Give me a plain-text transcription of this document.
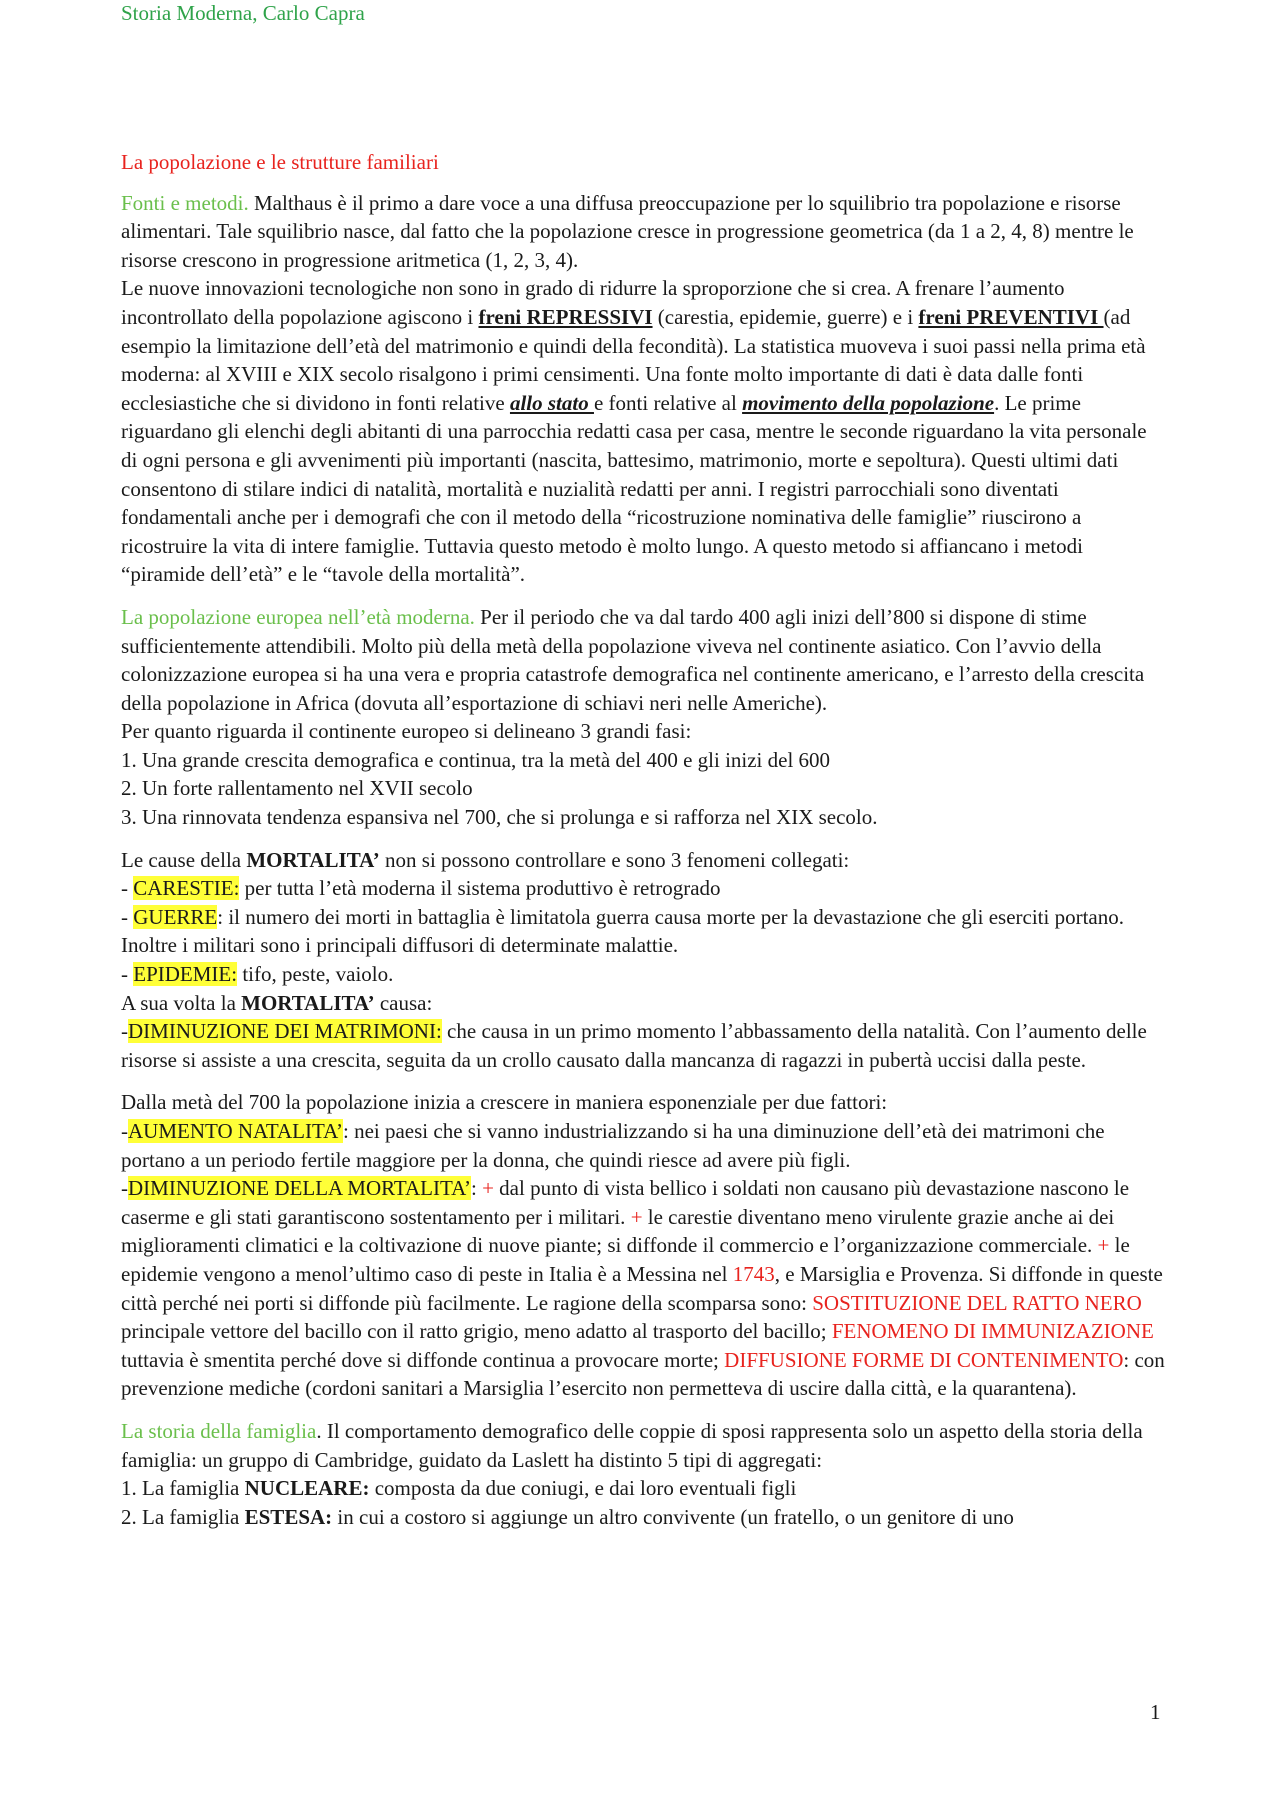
Storia Moderna, Carlo Capra

La popolazione e le strutture familiari

Fonti e metodi. Malthaus è il primo a dare voce a una diffusa preoccupazione per lo squilibrio tra popolazione e risorse alimentari. Tale squilibrio nasce, dal fatto che la popolazione cresce in progressione geometrica (da 1 a 2, 4, 8) mentre le risorse crescono in progressione aritmetica (1, 2, 3, 4).

Le nuove innovazioni tecnologiche non sono in grado di ridurre la sproporzione che si crea. A frenare l’aumento incontrollato della popolazione agiscono i freni REPRESSIVI (carestia, epidemie, guerre) e i freni PREVENTIVI (ad esempio la limitazione dell’età del matrimonio e quindi della fecondità). La statistica muoveva i suoi passi nella prima età moderna: al XVIII e XIX secolo risalgono i primi censimenti. Una fonte molto importante di dati è data dalle fonti ecclesiastiche che si dividono in fonti relative allo stato e fonti relative al movimento della popolazione. Le prime riguardano gli elenchi degli abitanti di una parrocchia redatti casa per casa, mentre le seconde riguardano la vita personale di ogni persona e gli avvenimenti più importanti (nascita, battesimo, matrimonio, morte e sepoltura). Questi ultimi dati consentono di stilare indici di natalità, mortalità e nuzialità redatti per anni. I registri parrocchiali sono diventati fondamentali anche per i demografi che con il metodo della “ricostruzione nominativa delle famiglie” riuscirono a ricostruire la vita di intere famiglie. Tuttavia questo metodo è molto lungo. A questo metodo si affiancano i metodi “piramide dell’età” e le “tavole della mortalità”.

La popolazione europea nell’età moderna. Per il periodo che va dal tardo 400 agli inizi dell’800 si dispone di stime sufficientemente attendibili. Molto più della metà della popolazione viveva nel continente asiatico. Con l’avvio della colonizzazione europea si ha una vera e propria catastrofe demografica nel continente americano, e l’arresto della crescita della popolazione in Africa (dovuta all’esportazione di schiavi neri nelle Americhe).

Per quanto riguarda il continente europeo si delineano 3 grandi fasi:

1. Una grande crescita demografica e continua, tra la metà del 400 e gli inizi del 600

2. Un forte rallentamento nel XVII secolo

3. Una rinnovata tendenza espansiva nel 700, che si prolunga e si rafforza nel XIX secolo.

Le cause della MORTALITA’ non si possono controllare e sono 3 fenomeni collegati:

- CARESTIE: per tutta l’età moderna il sistema produttivo è retrogrado

- GUERRE: il numero dei morti in battaglia è limitatola guerra causa morte per la devastazione che gli eserciti portano. Inoltre i militari sono i principali diffusori di determinate malattie.

- EPIDEMIE: tifo, peste, vaiolo.

A sua volta la MORTALITA’ causa:

-DIMINUZIONE DEI MATRIMONI: che causa in un primo momento l’abbassamento della natalità. Con l’aumento delle risorse si assiste a una crescita, seguita da un crollo causato dalla mancanza di ragazzi in pubertà uccisi dalla peste.

Dalla metà del 700 la popolazione inizia a crescere in maniera esponenziale per due fattori:

-AUMENTO NATALITA’: nei paesi che si vanno industrializzando si ha una diminuzione dell’età dei matrimoni che portano a un periodo fertile maggiore per la donna, che quindi riesce ad avere più figli.

-DIMINUZIONE DELLA MORTALITA’: + dal punto di vista bellico i soldati non causano più devastazione nascono le caserme e gli stati garantiscono sostentamento per i militari. + le carestie diventano meno virulente grazie anche ai dei miglioramenti climatici e la coltivazione di nuove piante; si diffonde il commercio e l’organizzazione commerciale. + le epidemie vengono a menol’ultimo caso di peste in Italia è a Messina nel 1743, e Marsiglia e Provenza. Si diffonde in queste città perché nei porti si diffonde più facilmente. Le ragione della scomparsa sono: SOSTITUZIONE DEL RATTO NERO principale vettore del bacillo con il ratto grigio, meno adatto al trasporto del bacillo; FENOMENO DI IMMUNIZAZIONE tuttavia è smentita perché dove si diffonde continua a provocare morte; DIFFUSIONE FORME DI CONTENIMENTO: con prevenzione mediche (cordoni sanitari a Marsiglia l’esercito non permetteva di uscire dalla città, e la quarantena).

La storia della famiglia. Il comportamento demografico delle coppie di sposi rappresenta solo un aspetto della storia della famiglia: un gruppo di Cambridge, guidato da Laslett ha distinto 5 tipi di aggregati:

1. La famiglia NUCLEARE: composta da due coniugi, e dai loro eventuali figli

2. La famiglia ESTESA: in cui a costoro si aggiunge un altro convivente (un fratello, o un genitore di uno

1
